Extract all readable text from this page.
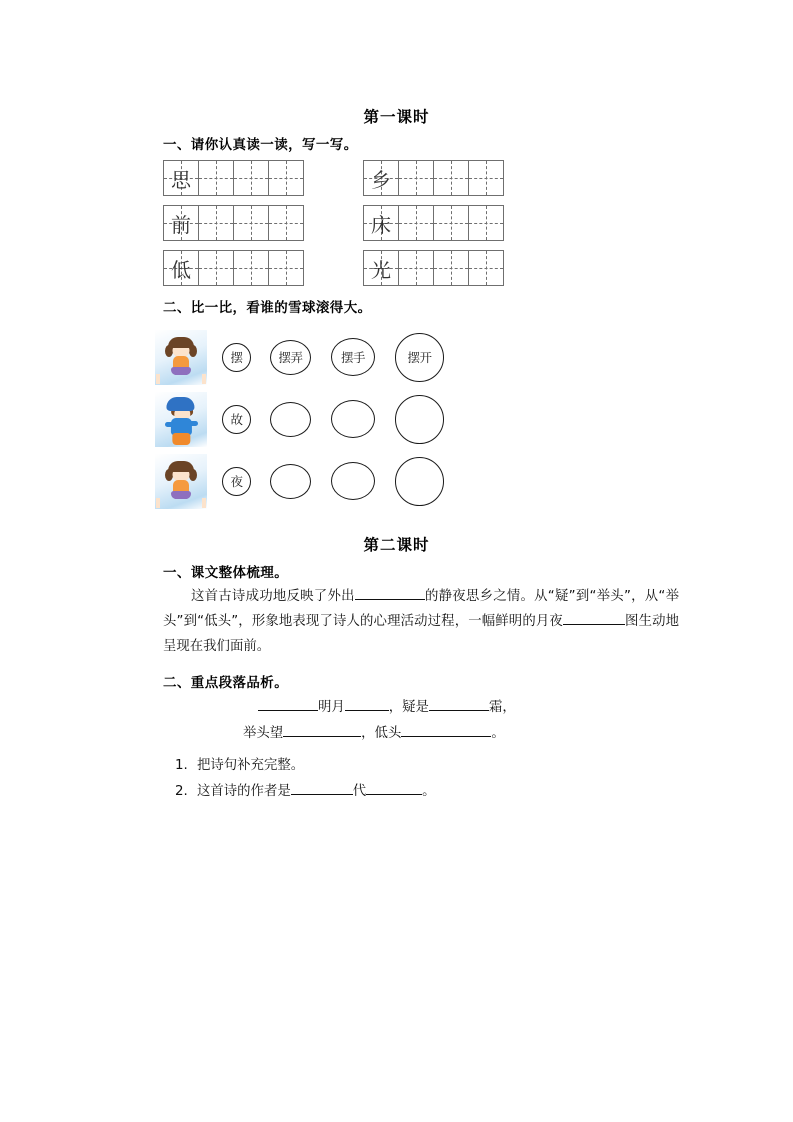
第一课时
一、请你认真读一读，写一写。
思
前
低
乡
床
光
二、比一比，看谁的雪球滚得大。
摆	摆弄	摆手	摆开
故
夜
第二课时
一、课文整体梳理。
这首古诗成功地反映了外出	的静夜思乡之情。从“疑”到“举头”，从“举头”到“低头”，形象地表现了诗人的心理活动过程，一幅鲜明的月夜	图生动地呈现在我们面前。
二、重点段落品析。
明月	，疑是	霜，
举头望	，低头	。
1. 把诗句补充完整。
2. 这首诗的作者是	代	。
